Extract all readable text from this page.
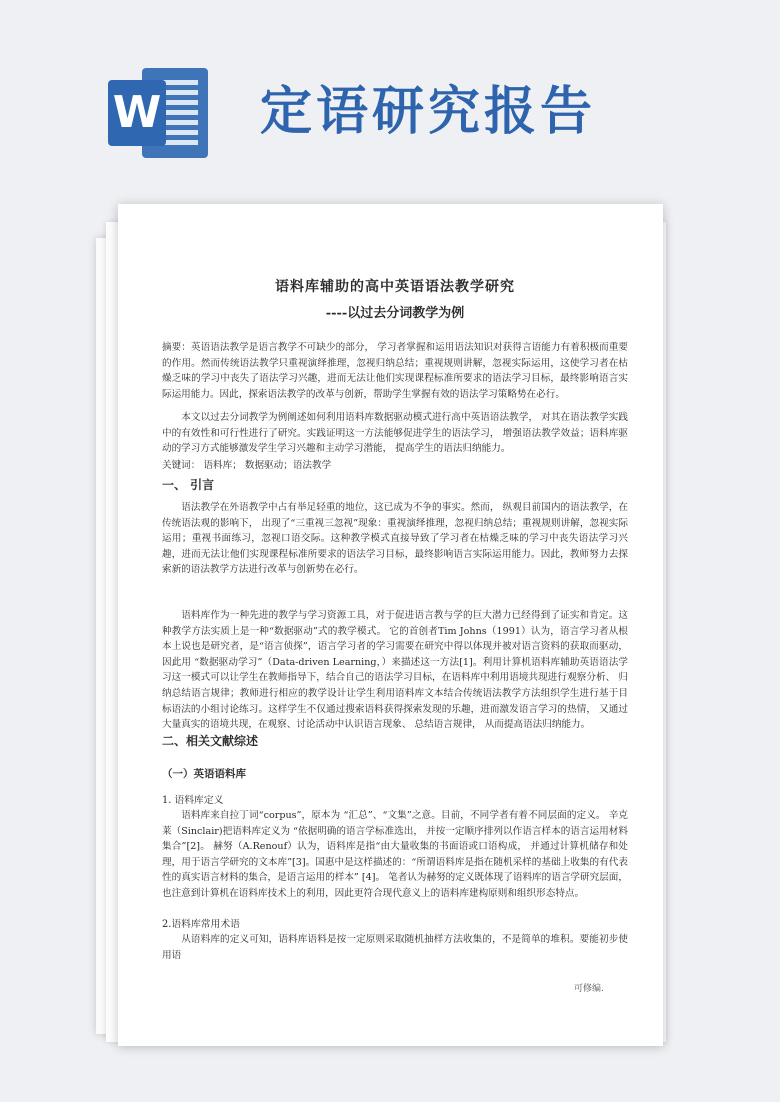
W 定语研究报告
语料库辅助的高中英语语法教学研究
----以过去分词教学为例
摘要：英语语法教学是语言教学不可缺少的部分， 学习者掌握和运用语法知识对获得言语能力有着积极而重要的作用。然而传统语法教学只重视演绎推理，忽视归纳总结；重视规则讲解，忽视实际运用，这使学习者在枯燥乏味的学习中丧失了语法学习兴趣，进而无法让他们实现课程标准所要求的语法学习目标，最终影响语言实际运用能力。因此，探索语法教学的改革与创新，帮助学生掌握有效的语法学习策略势在必行。
本文以过去分词教学为例阐述如何利用语料库数据驱动模式进行高中英语语法教学， 对其在语法教学实践中的有效性和可行性进行了研究。实践证明这一方法能够促进学生的语法学习， 增强语法教学效益；语料库驱动的学习方式能够激发学生学习兴趣和主动学习潜能， 提高学生的语法归纳能力。
关键词： 语料库； 数据驱动；语法教学
一、 引言
语法教学在外语教学中占有举足轻重的地位，这已成为不争的事实。然而， 纵观目前国内的语法教学，在传统语法观的影响下， 出现了“三重视三忽视”现象：重视演绎推理，忽视归纳总结；重视规则讲解，忽视实际运用；重视书面练习，忽视口语交际。这种教学模式直接导致了学习者在枯燥乏味的学习中丧失语法学习兴趣，进而无法让他们实现课程标准所要求的语法学习目标，最终影响语言实际运用能力。因此，教师努力去探索新的语法教学方法进行改革与创新势在必行。
语料库作为一种先进的教学与学习资源工具，对于促进语言教与学的巨大潜力已经得到了证实和肯定。这种教学方法实质上是一种“数据驱动”式的教学模式。 它的首创者Tim Johns（1991）认为，语言学习者从根本上说也是研究者，是“语言侦探”，语言学习者的学习需要在研究中得以体现并被对语言资料的获取而驱动，因此用 “数据驱动学习”（Data-driven Learning，）来描述这一方法[1]。利用计算机语料库辅助英语语法学习这一模式可以让学生在教师指导下，结合自己的语法学习目标，在语料库中利用语境共现进行观察分析、 归纳总结语言规律；教师进行相应的教学设计让学生利用语料库文本结合传统语法教学方法组织学生进行基于目标语法的小组讨论练习。这样学生不仅通过搜索语料获得探索发现的乐趣，进而激发语言学习的热情， 又通过大量真实的语境共现，在观察、讨论活动中认识语言现象、 总结语言规律， 从而提高语法归纳能力。
二、相关文献综述
（一）英语语料库
1. 语料库定义
语料库来自拉丁词“corpus”，原本为 “汇总”、“文集”之意。目前，不同学者有着不同层面的定义。 辛克莱（Sinclair)把语料库定义为 “依据明确的语言学标准选出， 并按一定顺序排列以作语言样本的语言运用材料集合”[2]。 赫努（A.Renouf）认为，语料库是指“由大量收集的书面语或口语构成， 并通过计算机储存和处理，用于语言学研究的文本库”[3]。国惠中是这样描述的：“所谓语料库是指在随机采样的基础上收集的有代表性的真实语言材料的集合，是语言运用的样本” [4]。 笔者认为赫努的定义既体现了语料库的语言学研究层面， 也注意到计算机在语料库技术上的利用，因此更符合现代意义上的语料库建构原则和组织形态特点。
2.语料库常用术语
从语料库的定义可知，语料库语料是按一定原则采取随机抽样方法收集的，不是简单的堆积。要能初步使用语
可修编.
